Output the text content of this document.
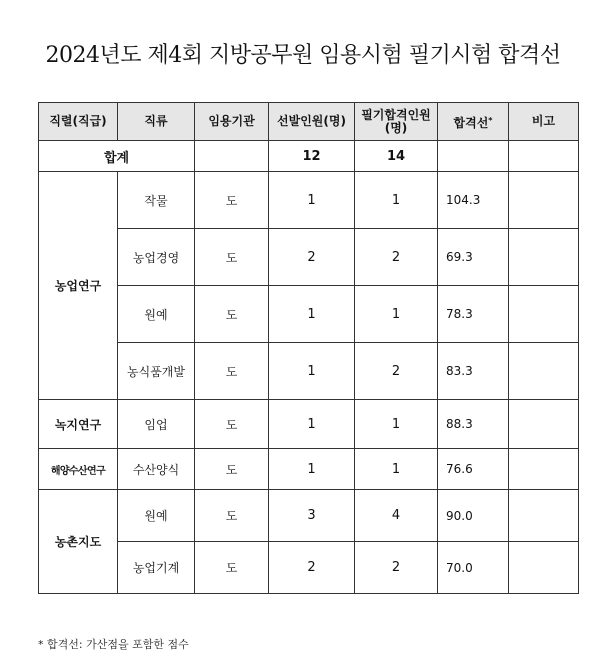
2024년도 제4회 지방공무원 임용시험 필기시험 합격선
직렬(직급)	직류	임용기관	선발인원(명)	필기합격인원(명)	합격선*	비고
합계			12	14		
농업연구	작물	도	1	1	104.3	
	농업경영	도	2	2	69.3	
	원예	도	1	1	78.3	
	농식품개발	도	1	2	83.3	
녹지연구	임업	도	1	1	88.3	
해양수산연구	수산양식	도	1	1	76.6	
농촌지도	원예	도	3	4	90.0	
	농업기계	도	2	2	70.0	
* 합격선: 가산점을 포함한 점수
